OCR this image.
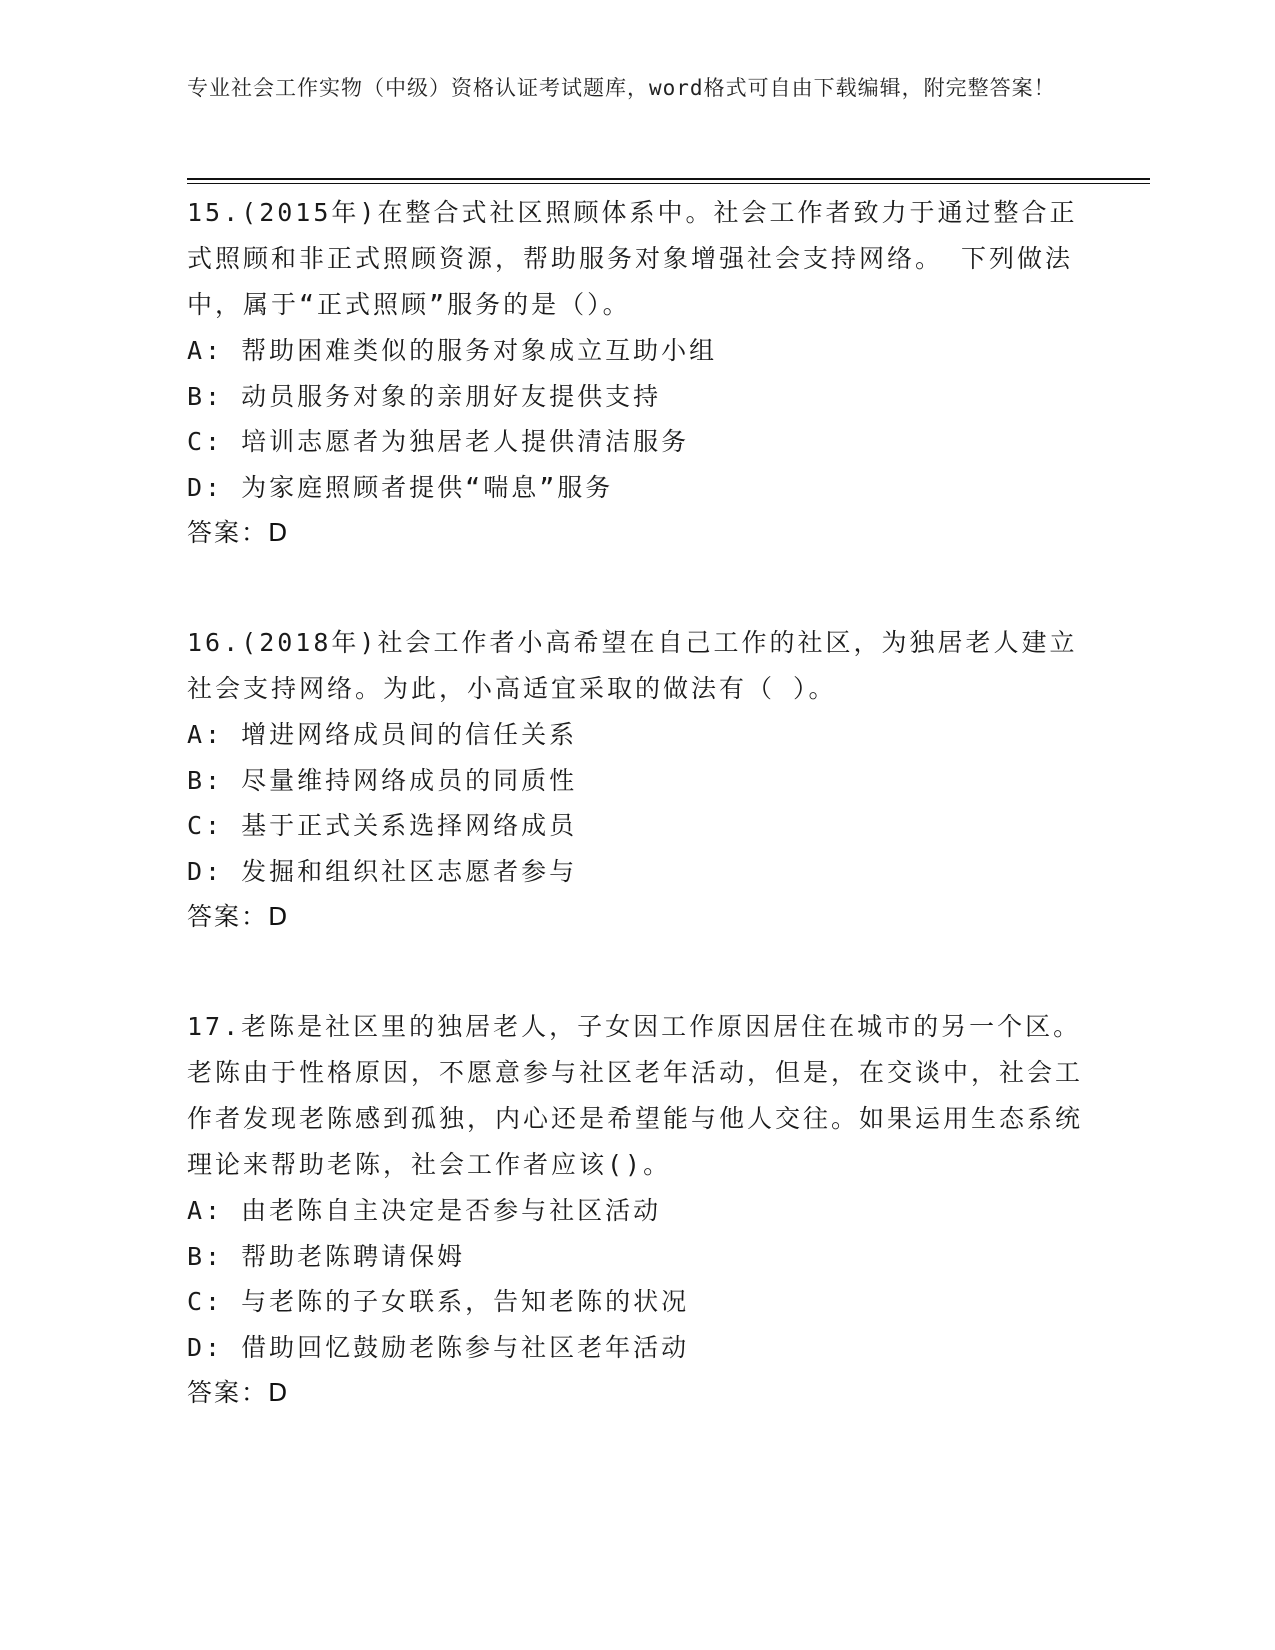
专业社会工作实物（中级）资格认证考试题库，word格式可自由下载编辑，附完整答案！
15.(2015年)在整合式社区照顾体系中。社会工作者致力于通过整合正式照顾和非正式照顾资源，帮助服务对象增强社会支持网络。 下列做法中，属于“正式照顾”服务的是（）。
A: 帮助困难类似的服务对象成立互助小组
B: 动员服务对象的亲朋好友提供支持
C: 培训志愿者为独居老人提供清洁服务
D: 为家庭照顾者提供“喘息”服务
答案：D
16.(2018年)社会工作者小高希望在自己工作的社区，为独居老人建立社会支持网络。为此，小高适宜采取的做法有（ ）。
A: 增进网络成员间的信任关系
B: 尽量维持网络成员的同质性
C: 基于正式关系选择网络成员
D: 发掘和组织社区志愿者参与
答案：D
17.老陈是社区里的独居老人，子女因工作原因居住在城市的另一个区。老陈由于性格原因，不愿意参与社区老年活动，但是，在交谈中，社会工作者发现老陈感到孤独，内心还是希望能与他人交往。如果运用生态系统理论来帮助老陈，社会工作者应该()。
A: 由老陈自主决定是否参与社区活动
B: 帮助老陈聘请保姆
C: 与老陈的子女联系，告知老陈的状况
D: 借助回忆鼓励老陈参与社区老年活动
答案：D
